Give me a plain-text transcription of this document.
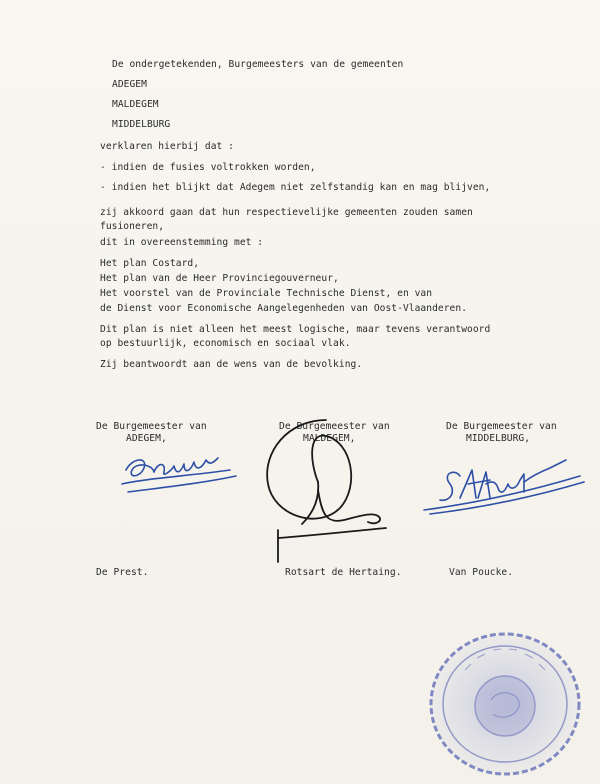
De ondergetekenden, Burgemeesters van de gemeenten
ADEGEM
MALDEGEM
MIDDELBURG
verklaren hierbij dat :
- indien de fusies voltrokken worden,
- indien het blijkt dat Adegem niet zelfstandig kan en mag blijven,
zij akkoord gaan dat hun respectievelijke gemeenten zouden samen
fusioneren,
dit in overeenstemming met :
Het plan Costard,
Het plan van de Heer Provinciegouverneur,
Het voorstel van de Provinciale Technische Dienst, en van
de Dienst voor Economische Aangelegenheden van Oost-Vlaanderen.
Dit plan is niet alleen het meest logische, maar tevens verantwoord
op bestuurlijk, economisch en sociaal vlak.
Zij beantwoordt aan de wens van de bevolking.
De Burgemeester van
ADEGEM,
De Burgemeester van
MALDEGEM,
De Burgemeester van
MIDDELBURG,
De Prest.	Rotsart de Hertaing.	Van Poucke.
